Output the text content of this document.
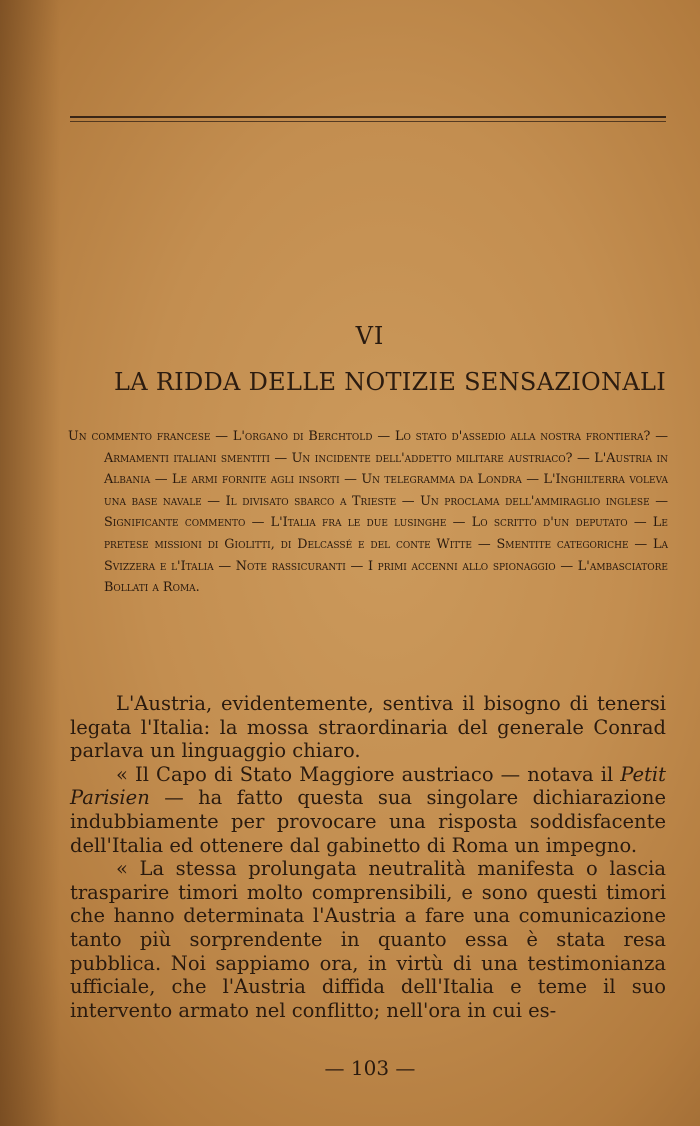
VI
LA RIDDA DELLE NOTIZIE SENSAZIONALI
Un commento francese — L'organo di Berchtold — Lo stato d'assedio alla nostra frontiera? — Armamenti italiani smentiti — Un incidente dell'addetto militare austriaco? — L'Austria in Albania — Le armi fornite agli insorti — Un telegramma da Londra — L'Inghilterra voleva una base navale — Il divisato sbarco a Trieste — Un proclama dell'ammiraglio inglese — Significante commento — L'Italia fra le due lusinghe — Lo scritto d'un deputato — Le pretese missioni di Giolitti, di Delcassé e del conte Witte — Smentite categoriche — La Svizzera e l'Italia — Note rassicuranti — I primi accenni allo spionaggio — L'ambasciatore Bollati a Roma.

L'Austria, evidentemente, sentiva il bisogno di tenersi legata l'Italia: la mossa straordinaria del generale Conrad parlava un linguaggio chiaro.

« Il Capo di Stato Maggiore austriaco — notava il Petit Parisien — ha fatto questa sua singolare dichiarazione indubbiamente per provocare una risposta soddisfacente dell'Italia ed ottenere dal gabinetto di Roma un impegno.

« La stessa prolungata neutralità manifesta o lascia trasparire timori molto comprensibili, e sono questi timori che hanno determinata l'Austria a fare una comunicazione tanto più sorprendente in quanto essa è stata resa pubblica. Noi sappiamo ora, in virtù di una testimonianza ufficiale, che l'Austria diffida dell'Italia e teme il suo intervento armato nel conflitto; nell'ora in cui es-

— 103 —
